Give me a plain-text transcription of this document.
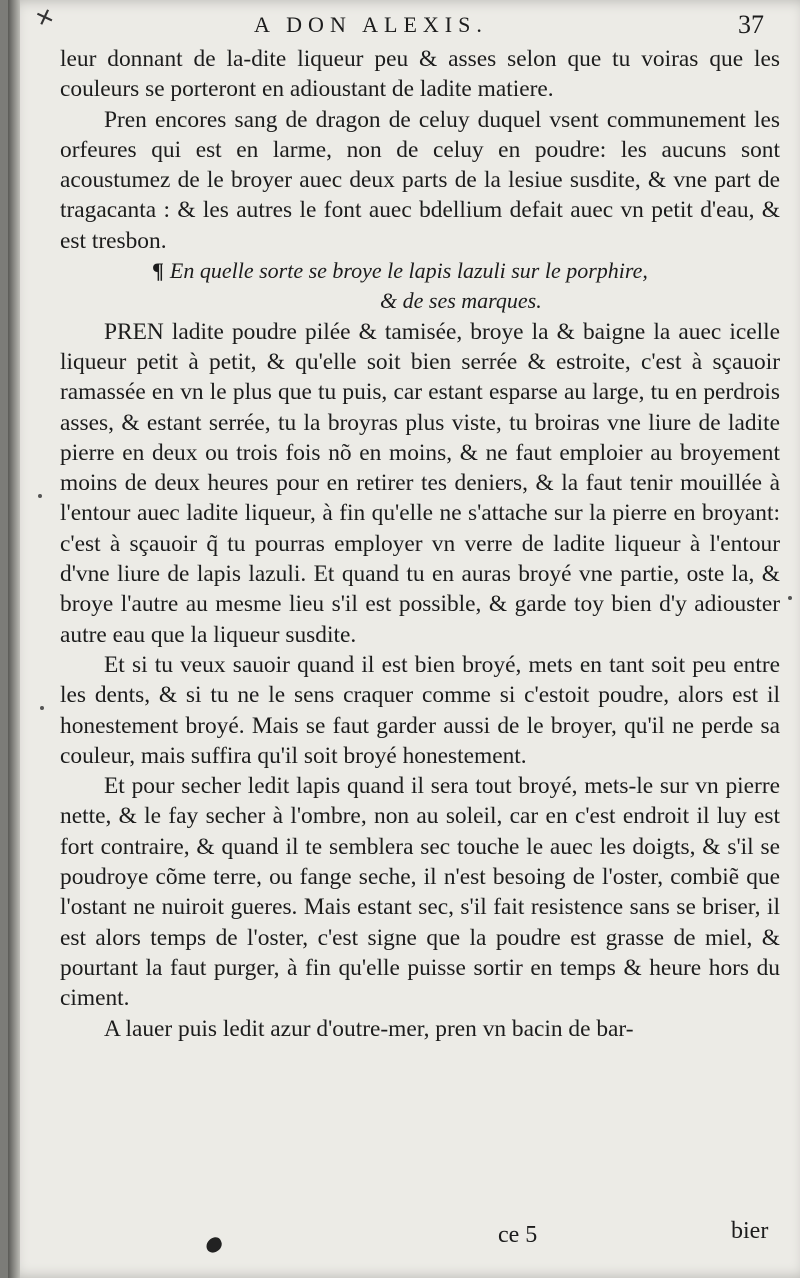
✕	A DON ALEXIS.	37

leur donnant de la-dite liqueur peu & asses selon que tu voiras que les couleurs se porteront en adioustant de ladite matiere.

Pren encores sang de dragon de celuy duquel vsent communement les orfeures qui est en larme, non de celuy en poudre: les aucuns sont acoustumez de le broyer auec deux parts de la lesiue susdite, & vne part de tragacanta : & les autres le font auec bdellium defait auec vn petit d'eau, & est tresbon.

¶ En quelle sorte se broye le lapis lazuli sur le porphire,

& de ses marques.

PREN ladite poudre pilée & tamisée, broye la & baigne la auec icelle liqueur petit à petit, & qu'elle soit bien serrée & estroite, c'est à sçauoir ramassée en vn le plus que tu puis, car estant esparse au large, tu en perdrois asses, & estant serrée, tu la broyras plus viste, tu broiras vne liure de ladite pierre en deux ou trois fois nõ en moins, & ne faut emploier au broyement moins de deux heures pour en retirer tes deniers, & la faut tenir mouillée à l'entour auec ladite liqueur, à fin qu'elle ne s'attache sur la pierre en broyant: c'est à sçauoir q̃ tu pourras employer vn verre de ladite liqueur à l'entour d'vne liure de lapis lazuli. Et quand tu en auras broyé vne partie, oste la, & broye l'autre au mesme lieu s'il est possible, & garde toy bien d'y adiouster autre eau que la liqueur susdite.

Et si tu veux sauoir quand il est bien broyé, mets en tant soit peu entre les dents, & si tu ne le sens craquer comme si c'estoit poudre, alors est il honestement broyé. Mais se faut garder aussi de le broyer, qu'il ne perde sa couleur, mais suffira qu'il soit broyé honestement.

Et pour secher ledit lapis quand il sera tout broyé, mets-le sur vn pierre nette, & le fay secher à l'ombre, non au soleil, car en c'est endroit il luy est fort contraire, & quand il te semblera sec touche le auec les doigts, & s'il se poudroye cõme terre, ou fange seche, il n'est besoing de l'oster, combiẽ que l'ostant ne nuiroit gueres. Mais estant sec, s'il fait resistence sans se briser, il est alors temps de l'oster, c'est signe que la poudre est grasse de miel, & pourtant la faut purger, à fin qu'elle puisse sortir en temps & heure hors du ciment.

A lauer puis ledit azur d'outre-mer, pren vn bacin de bar-

ce 5	bier
